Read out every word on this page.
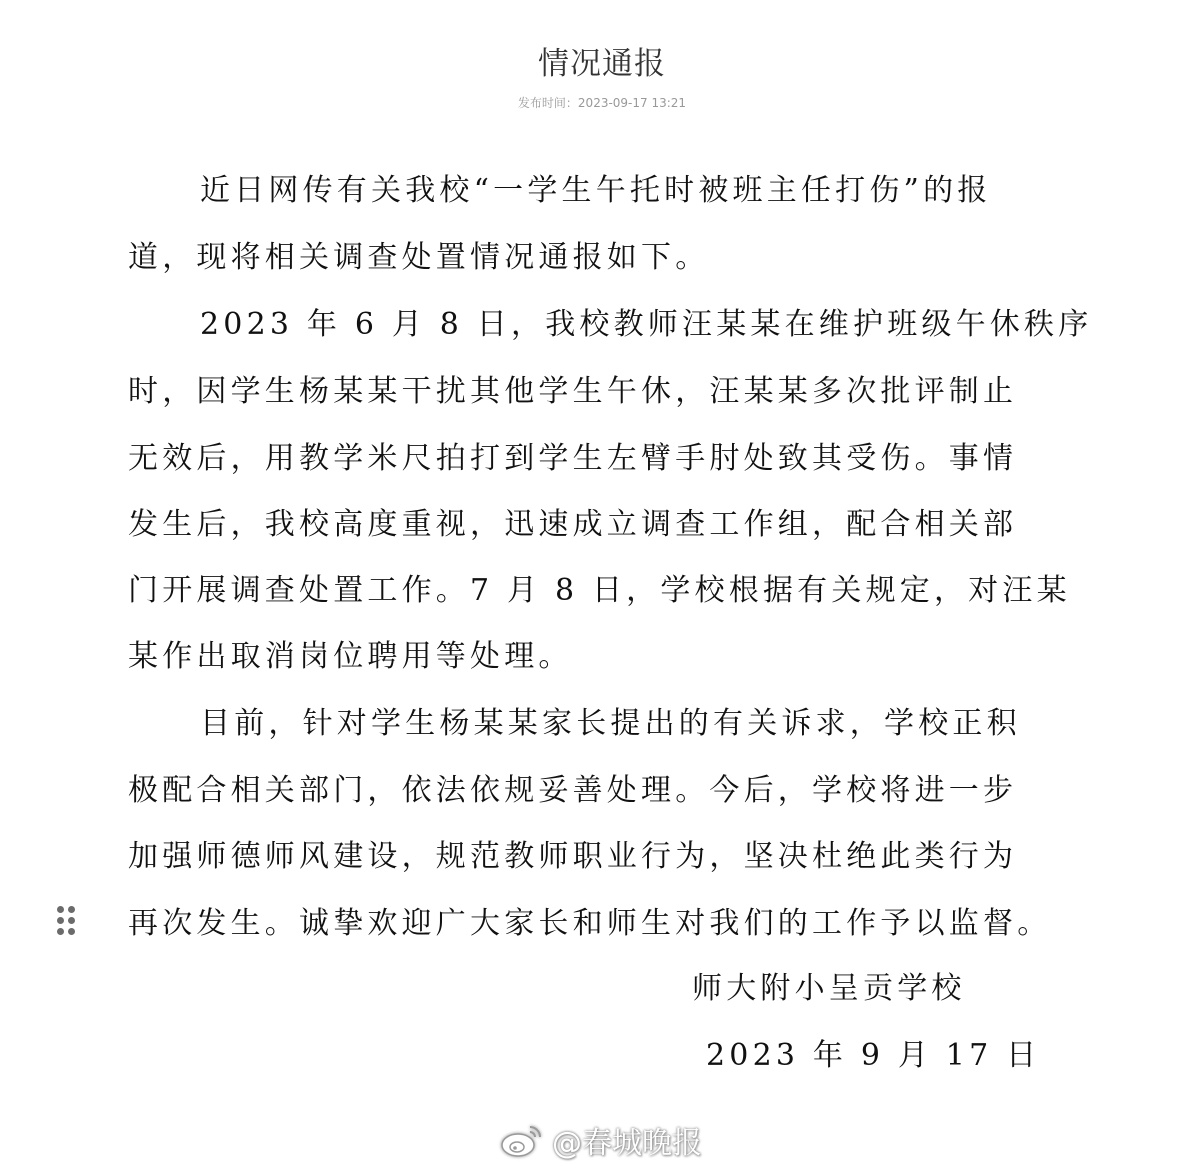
情况通报
发布时间：2023-09-17 13:21
近日网传有关我校“一学生午托时被班主任打伤”的报
道，现将相关调查处置情况通报如下。
2023 年 6 月 8 日，我校教师汪某某在维护班级午休秩序
时，因学生杨某某干扰其他学生午休，汪某某多次批评制止
无效后，用教学米尺拍打到学生左臂手肘处致其受伤。事情
发生后，我校高度重视，迅速成立调查工作组，配合相关部
门开展调查处置工作。7 月 8 日，学校根据有关规定，对汪某
某作出取消岗位聘用等处理。
目前，针对学生杨某某家长提出的有关诉求，学校正积
极配合相关部门，依法依规妥善处理。今后，学校将进一步
加强师德师风建设，规范教师职业行为，坚决杜绝此类行为
再次发生。诚挚欢迎广大家长和师生对我们的工作予以监督。
师大附小呈贡学校
2023 年 9 月 17 日
@春城晚报
